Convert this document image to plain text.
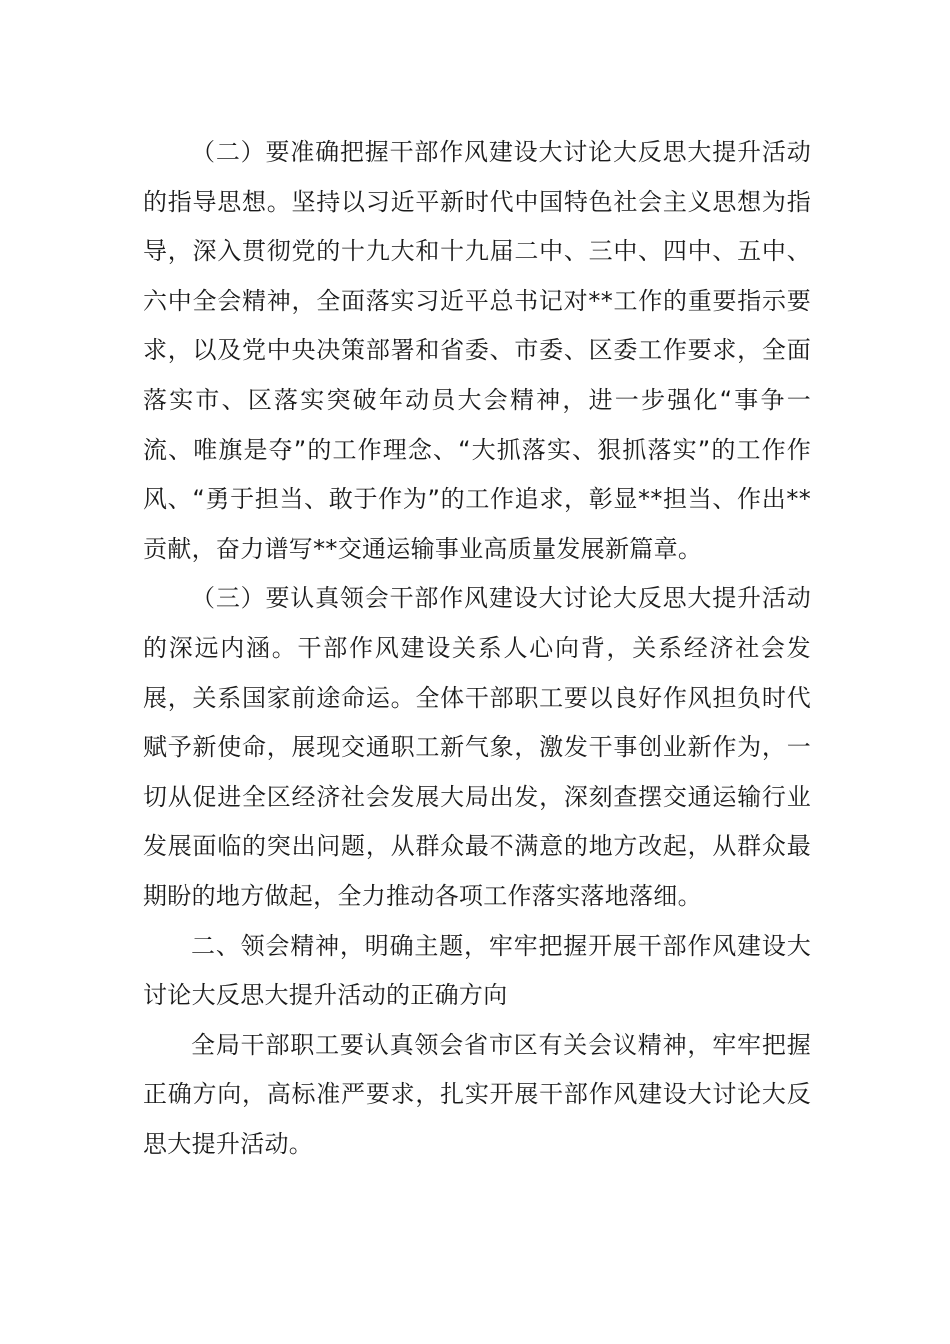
（二）要准确把握干部作风建设大讨论大反思大提升活动的指导思想。坚持以习近平新时代中国特色社会主义思想为指导，深入贯彻党的十九大和十九届二中、三中、四中、五中、六中全会精神，全面落实习近平总书记对**工作的重要指示要求，以及党中央决策部署和省委、市委、区委工作要求，全面落实市、区落实突破年动员大会精神，进一步强化“事争一流、唯旗是夺”的工作理念、“大抓落实、狠抓落实”的工作作风、“勇于担当、敢于作为”的工作追求，彰显**担当、作出**贡献，奋力谱写**交通运输事业高质量发展新篇章。

（三）要认真领会干部作风建设大讨论大反思大提升活动的深远内涵。干部作风建设关系人心向背，关系经济社会发展，关系国家前途命运。全体干部职工要以良好作风担负时代赋予新使命，展现交通职工新气象，激发干事创业新作为，一切从促进全区经济社会发展大局出发，深刻查摆交通运输行业发展面临的突出问题，从群众最不满意的地方改起，从群众最期盼的地方做起，全力推动各项工作落实落地落细。

二、领会精神，明确主题，牢牢把握开展干部作风建设大讨论大反思大提升活动的正确方向

全局干部职工要认真领会省市区有关会议精神，牢牢把握正确方向，高标准严要求，扎实开展干部作风建设大讨论大反思大提升活动。
